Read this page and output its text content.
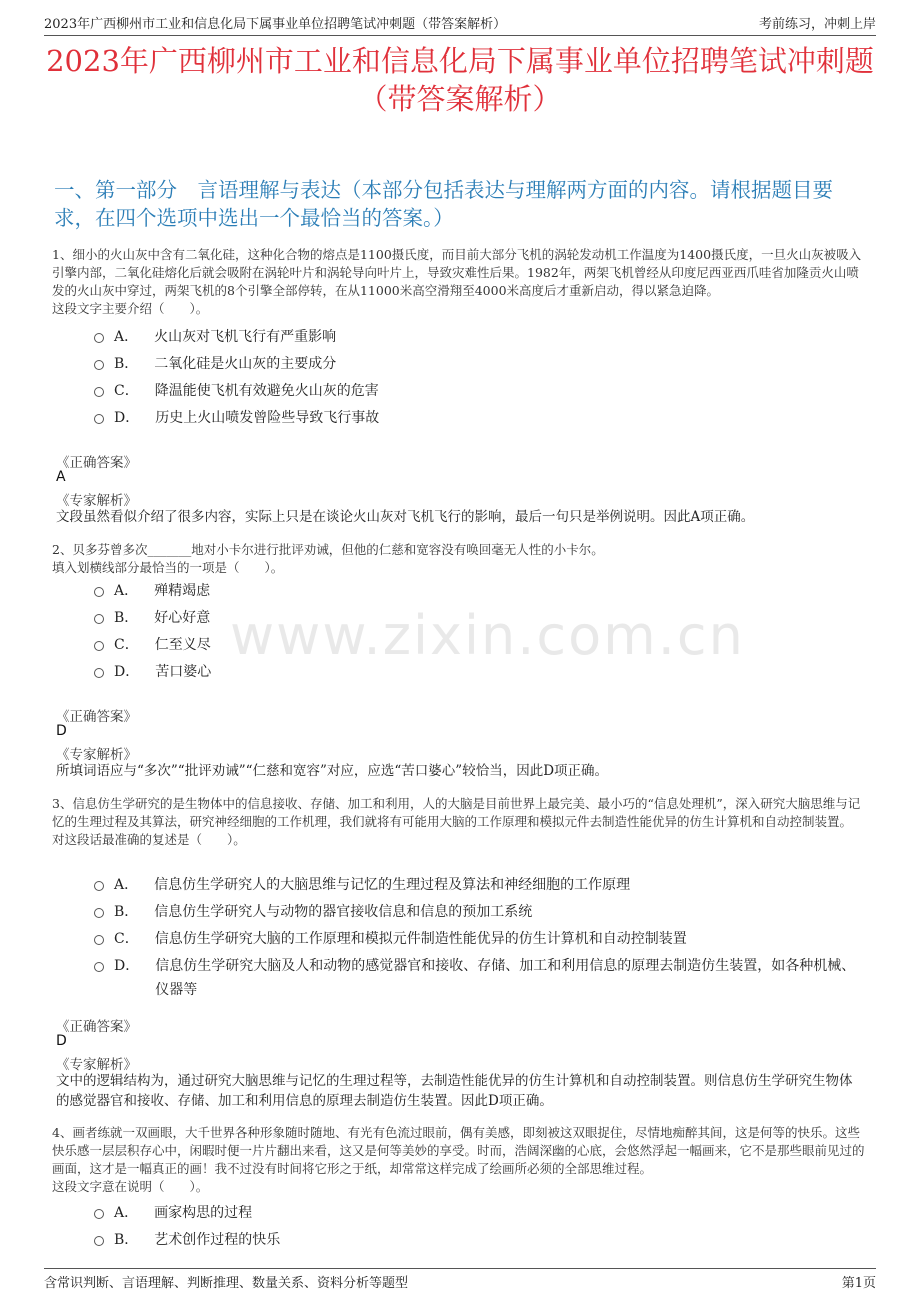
2023年广西柳州市工业和信息化局下属事业单位招聘笔试冲刺题（带答案解析）	考前练习，冲刺上岸
2023年广西柳州市工业和信息化局下属事业单位招聘笔试冲刺题（带答案解析）
一、第一部分　言语理解与表达（本部分包括表达与理解两方面的内容。请根据题目要求，在四个选项中选出一个最恰当的答案。）
www.zixin.com.cn

1、细小的火山灰中含有二氧化硅，这种化合物的熔点是1100摄氏度，而目前大部分飞机的涡轮发动机工作温度为1400摄氏度，一旦火山灰被吸入引擎内部，二氧化硅熔化后就会吸附在涡轮叶片和涡轮导向叶片上，导致灾难性后果。1982年，两架飞机曾经从印度尼西亚西爪哇省加隆贡火山喷发的火山灰中穿过，两架飞机的8个引擎全部停转，在从11000米高空滑翔至4000米高度后才重新启动，得以紧急迫降。

这段文字主要介绍（　　）。

A． 火山灰对飞机飞行有严重影响
B． 二氧化硅是火山灰的主要成分
C． 降温能使飞机有效避免火山灰的危害
D． 历史上火山喷发曾险些导致飞行事故
《正确答案》
A
《专家解析》
文段虽然看似介绍了很多内容，实际上只是在谈论火山灰对飞机飞行的影响，最后一句只是举例说明。因此A项正确。

2、贝多芬曾多次_______地对小卡尔进行批评劝诫，但他的仁慈和宽容没有唤回毫无人性的小卡尔。

填入划横线部分最恰当的一项是（　　）。

A． 殚精竭虑
B． 好心好意
C． 仁至义尽
D． 苦口婆心
《正确答案》
D
《专家解析》
所填词语应与“多次”“批评劝诫”“仁慈和宽容”对应，应选“苦口婆心”较恰当，因此D项正确。

3、信息仿生学研究的是生物体中的信息接收、存储、加工和利用，人的大脑是目前世界上最完美、最小巧的“信息处理机”，深入研究大脑思维与记忆的生理过程及其算法，研究神经细胞的工作机理，我们就将有可能用大脑的工作原理和模拟元件去制造性能优异的仿生计算机和自动控制装置。

对这段话最准确的复述是（　　）。

A． 信息仿生学研究人的大脑思维与记忆的生理过程及算法和神经细胞的工作原理
B． 信息仿生学研究人与动物的器官接收信息和信息的预加工系统
C． 信息仿生学研究大脑的工作原理和模拟元件制造性能优异的仿生计算机和自动控制装置
D． 信息仿生学研究大脑及人和动物的感觉器官和接收、存储、加工和利用信息的原理去制造仿生装置，如各种机械、仪器等
《正确答案》
D
《专家解析》
文中的逻辑结构为，通过研究大脑思维与记忆的生理过程等，去制造性能优异的仿生计算机和自动控制装置。则信息仿生学研究生物体的感觉器官和接收、存储、加工和利用信息的原理去制造仿生装置。因此D项正确。

4、画者练就一双画眼，大千世界各种形象随时随地、有光有色流过眼前，偶有美感，即刻被这双眼捉住，尽情地痴醉其间，这是何等的快乐。这些快乐感一层层积存心中，闲暇时便一片片翻出来看，这又是何等美妙的享受。时而，浩阔深幽的心底，会悠然浮起一幅画来，它不是那些眼前见过的画面，这才是一幅真正的画！我不过没有时间将它形之于纸，却常常这样完成了绘画所必须的全部思维过程。

这段文字意在说明（　　）。

A． 画家构思的过程
B． 艺术创作过程的快乐
含常识判断、言语理解、判断推理、数量关系、资料分析等题型	第1页
